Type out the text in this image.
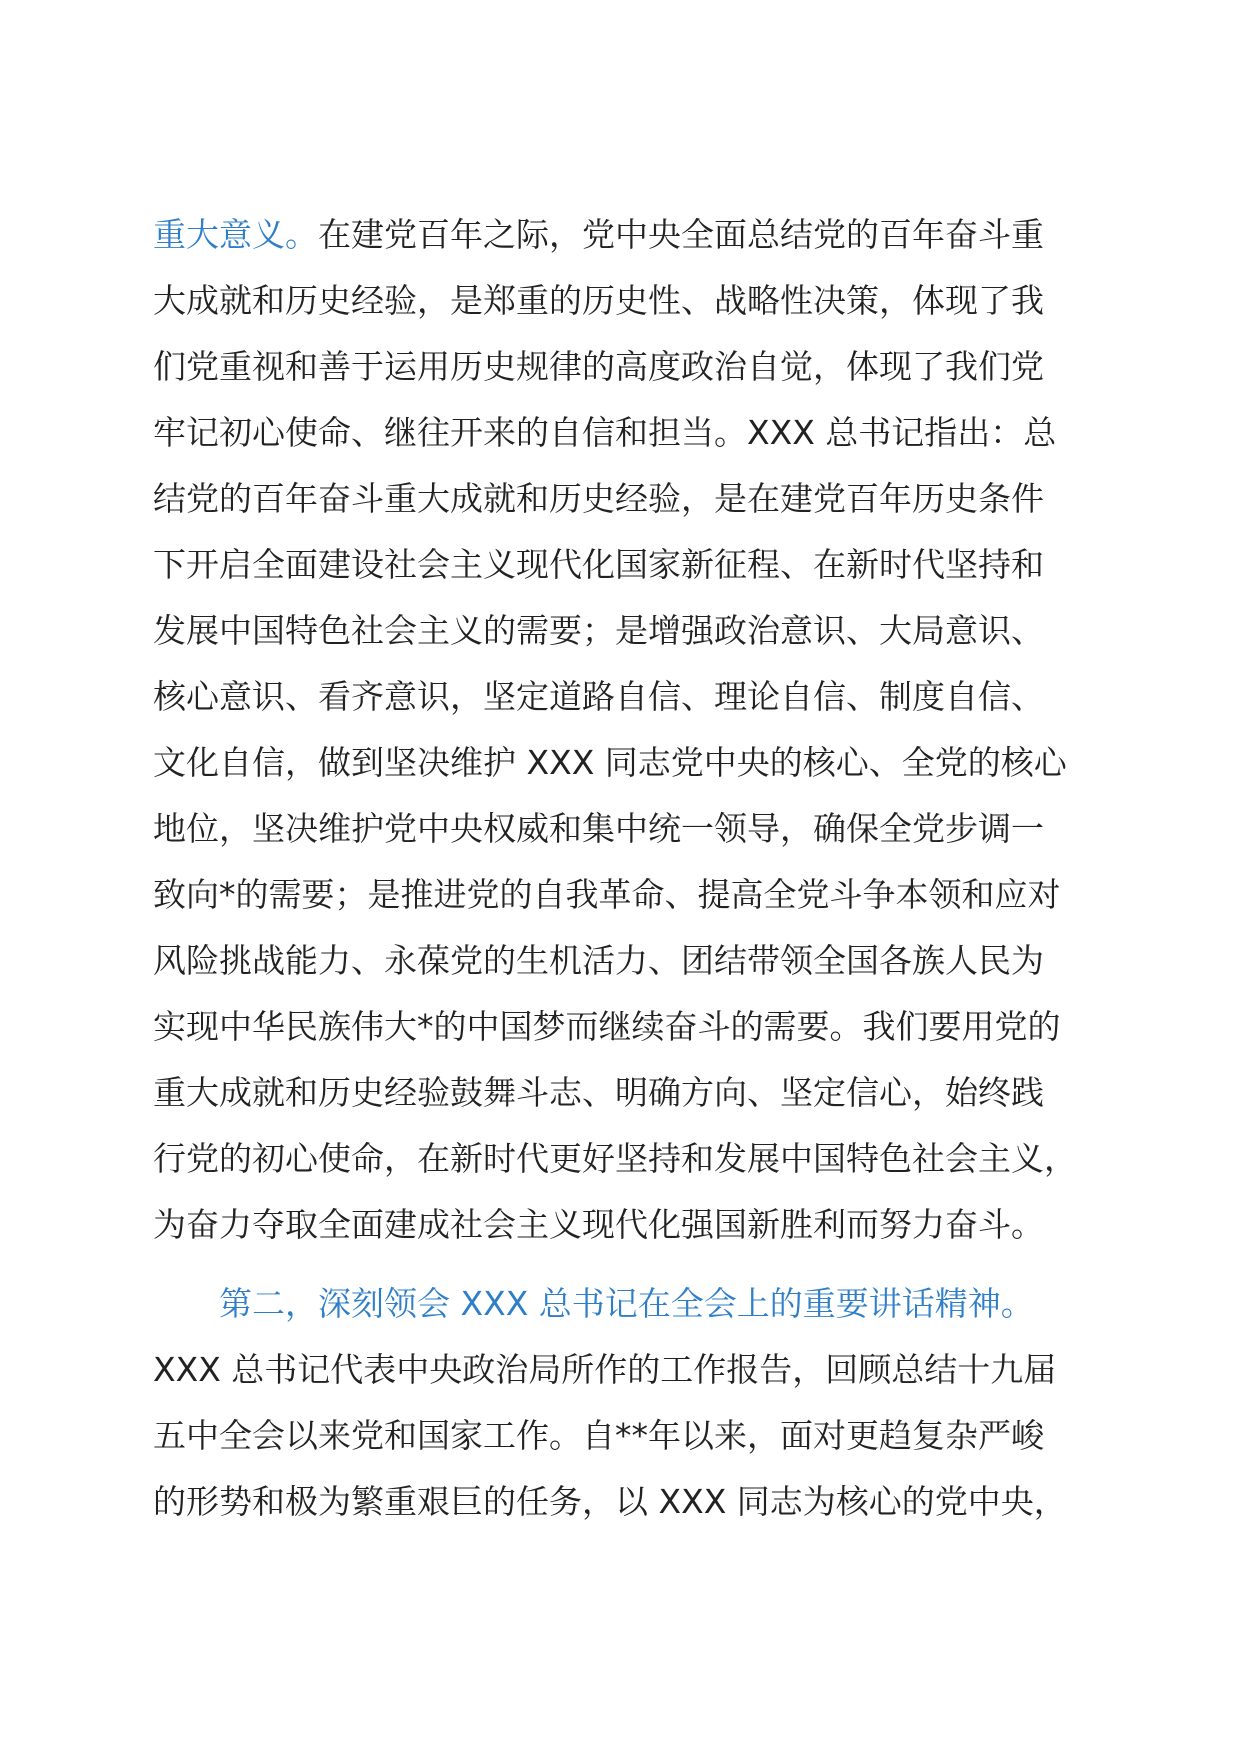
重大意义。在建党百年之际，党中央全面总结党的百年奋斗重
大成就和历史经验，是郑重的历史性、战略性决策，体现了我
们党重视和善于运用历史规律的高度政治自觉，体现了我们党
牢记初心使命、继往开来的自信和担当。XXX 总书记指出：总
结党的百年奋斗重大成就和历史经验，是在建党百年历史条件
下开启全面建设社会主义现代化国家新征程、在新时代坚持和
发展中国特色社会主义的需要；是增强政治意识、大局意识、
核心意识、看齐意识，坚定道路自信、理论自信、制度自信、
文化自信，做到坚决维护 XXX 同志党中央的核心、全党的核心
地位，坚决维护党中央权威和集中统一领导，确保全党步调一
致向*的需要；是推进党的自我革命、提高全党斗争本领和应对
风险挑战能力、永葆党的生机活力、团结带领全国各族人民为
实现中华民族伟大*的中国梦而继续奋斗的需要。我们要用党的
重大成就和历史经验鼓舞斗志、明确方向、坚定信心，始终践
行党的初心使命，在新时代更好坚持和发展中国特色社会主义，
为奋力夺取全面建成社会主义现代化强国新胜利而努力奋斗。
第二，深刻领会 XXX 总书记在全会上的重要讲话精神。
XXX 总书记代表中央政治局所作的工作报告，回顾总结十九届
五中全会以来党和国家工作。自**年以来，面对更趋复杂严峻
的形势和极为繁重艰巨的任务，以 XXX 同志为核心的党中央，
